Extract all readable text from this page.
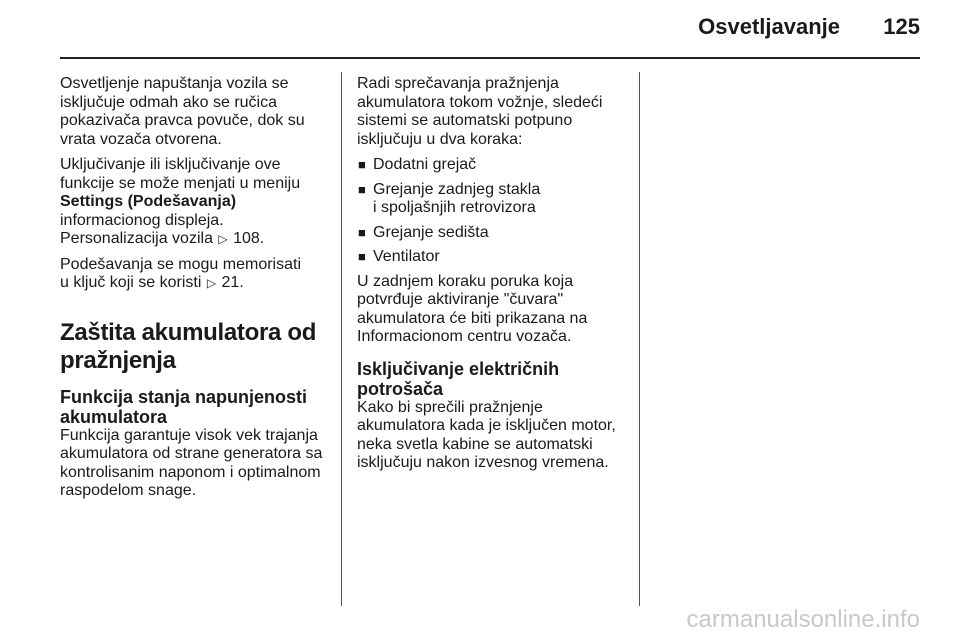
Osvetljavanje 125

Osvetljenje napuštanja vozila se
isključuje odmah ako se ručica
pokazivača pravca povuče, dok su
vrata vozača otvorena.

Uključivanje ili isključivanje ove
funkcije se može menjati u meniju
Settings (Podešavanja)
informacionog displeja.
Personalizacija vozila ▷ 108.

Podešavanja se mogu memorisati
u ključ koji se koristi ▷ 21.

Zaštita akumulatora od pražnjenja
Funkcija stanja napunjenosti
akumulatora

Funkcija garantuje visok vek trajanja
akumulatora od strane generatora sa
kontrolisanim naponom i optimalnom
raspodelom snage.

Radi sprečavanja pražnjenja
akumulatora tokom vožnje, sledeći
sistemi se automatski potpuno
isključuju u dva koraka:

■ Dodatni grejač
■ Grejanje zadnjeg stakla
i spoljašnjih retrovizora
■ Grejanje sedišta
■ Ventilator

U zadnjem koraku poruka koja
potvrđuje aktiviranje "čuvara"
akumulatora će biti prikazana na
Informacionom centru vozača.

Isključivanje električnih
potrošača

Kako bi sprečili pražnjenje
akumulatora kada je isključen motor,
neka svetla kabine se automatski
isključuju nakon izvesnog vremena.

carmanualsonline.info
